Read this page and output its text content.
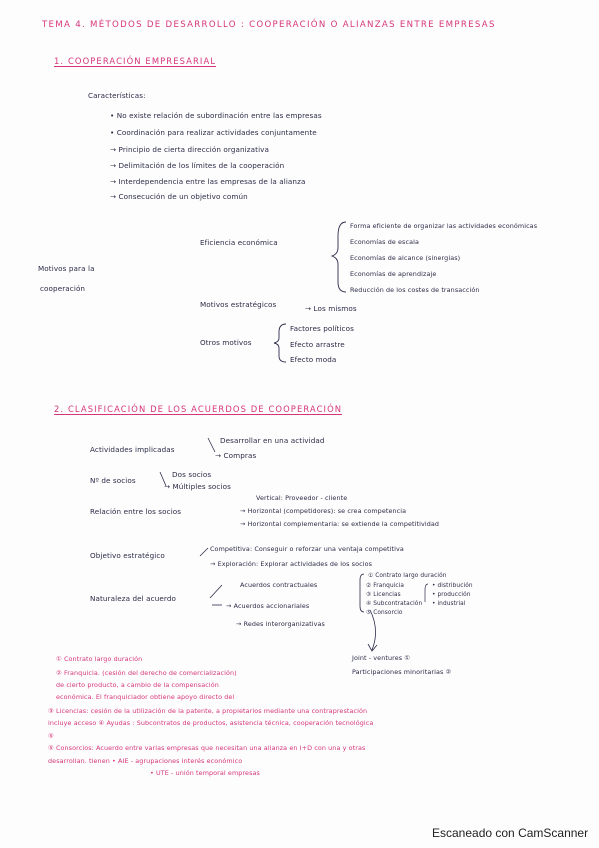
TEMA 4. MÉTODOS DE DESARROLLO : COOPERACIÓN O ALIANZAS ENTRE EMPRESAS
1. COOPERACIÓN EMPRESARIAL
Características:
• No existe relación de subordinación entre las empresas
• Coordinación para realizar actividades conjuntamente
→ Principio de cierta dirección organizativa
→ Delimitación de los límites de la cooperación
→ Interdependencia entre las empresas de la alianza
→ Consecución de un objetivo común
Motivos para la
cooperación
Eficiencia económica
Forma eficiente de organizar las actividades económicas
Economías de escala
Economías de alcance (sinergias)
Economías de aprendizaje
Reducción de los costes de transacción
Motivos estratégicos	→ Los mismos
Otros motivos
Factores políticos
Efecto arrastre
Efecto moda
2. CLASIFICACIÓN DE LOS ACUERDOS DE COOPERACIÓN
Actividades implicadas
Desarrollar en una actividad
→ Compras
Nº de socios
Dos socios
→ Múltiples socios
Relación entre los socios
Vertical: Proveedor - cliente
→ Horizontal (competidores): se crea competencia
→ Horizontal complementaria: se extiende la competitividad
Objetivo estratégico
Competitiva: Conseguir o reforzar una ventaja competitiva
→ Exploración: Explorar actividades de los socios
Naturaleza del acuerdo
Acuerdos contractuales
→ Acuerdos accionariales
→ Redes interorganizativas
① Contrato largo duración
② Franquicia
③ Licencias
④ Subcontratación
⑤ Consorcio
• distribución
• producción
• industrial
Joint - ventures ①
Participaciones minoritarias ②
① Contrato largo duración
② Franquicia. (cesión del derecho de comercialización)
de cierto producto, a cambio de la compensación
económica. El franquiciador obtiene apoyo directo del
③ Licencias: cesión de la utilización de la patente, a propietarios mediante una contraprestación
incluye acceso ④ Ayudas : Subcontratos de productos, asistencia técnica, cooperación tecnológica
⑤
⑤ Consorcios: Acuerdo entre varias empresas que necesitan una alianza en I+D con una y otras
desarrollan. tienen • AIE - agrupaciones interés económico
• UTE - unión temporal empresas
Escaneado con CamScanner
